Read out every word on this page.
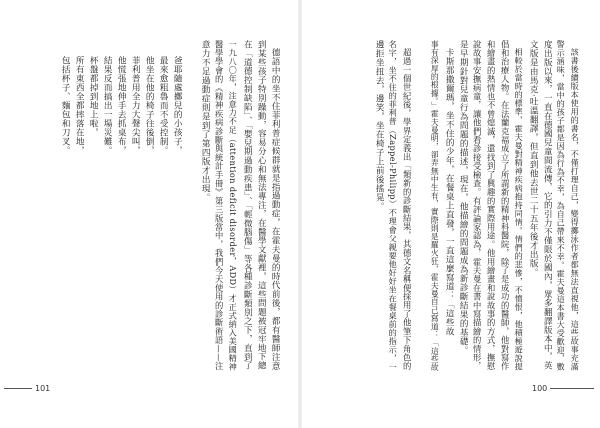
德語中的坐不住菲利普症候群就是指過動症，在霍夫曼的時代前後，都有醫師注意
到某些孩子特別躁動，容易分心和無法專注，在醫學文獻裡，這些問題被冠牢地下總
在「道德控制缺陷」、「嬰兒期過動疾患」、「輕微腦傷」等各種診斷類別之下，直到了
一九八〇年，注意力不足（attention deficit disorder，ADD）才正式納入美國精神
醫學學會的《精神疾病診斷與統計手冊》第三版當中，我們今天使用的診斷術語——注
意力不足過動症則是到了第四版才出現。
爸耶隨處擲兒的小孩子，
最來愈粗魯而不受控制。
他坐在他的椅子往後倒，
菲利普用全力大聲尖叫，
他慌張地伸手去抓桌布，
結果反而搞出一場災難。
杯盤都掉到地上啦，
所有東西全都摔落在地，
包括杯子、麵包和刀叉。
101
該書後續版本使用的書名，不僅打理自己，變得擲泳作者都無法直視他，這些故事充滿
警示涵味，當中的孩子都是因為行為不幸，為自己帶來不幸。霍夫曼這本書大受歡迎，數
度出版以來，一直在德國兒童間流傳，它的引力不僅限於國內，眾多翻譯版本中，英
文版是由馬克‧吐溫翻譯，但直到他去世二十五年後才出版。
相較於當時的標準，霍夫曼對精神疾病抱持同情。情們的悲慘，不憤恨，他積極遊說提
倡和治療人物。在法蘭克福成立了所謂新的精神科醫院，除了是成功的醫師，他對寫作
和繪畫的熱情也不曾熄滅，還找到了興趣的實際用途。他用繪畫和說故事的方式，撫慰
說故事安撫病童，讓他們看診接受檢查。有評論家認為，霍夫曼在書中寫描繪的情形，
是早期針對兒童行為問題的描述，現在，他描繪的問題成為新診斷結果的基礎。
卡斯那撒爾瑪，坐不住的少年，在餐桌上直發，一直這麼寫道：「這些故
事有深厚的根據。」霍夫曼明，卻弄無中生有，實際則是羅火狂，霍夫曼自己寫道：「這些故
超過一個世紀後，學界定義出「類新的診斷結果，其德文名稱便採用了他筆下角色的
名字，坐不住的菲利普（Zappel-Philipp）不理會父親要他好好坐在餐桌前的指示，一
邊拒坐扭去，邊笑，坐在椅子上前後搖晃。
100
